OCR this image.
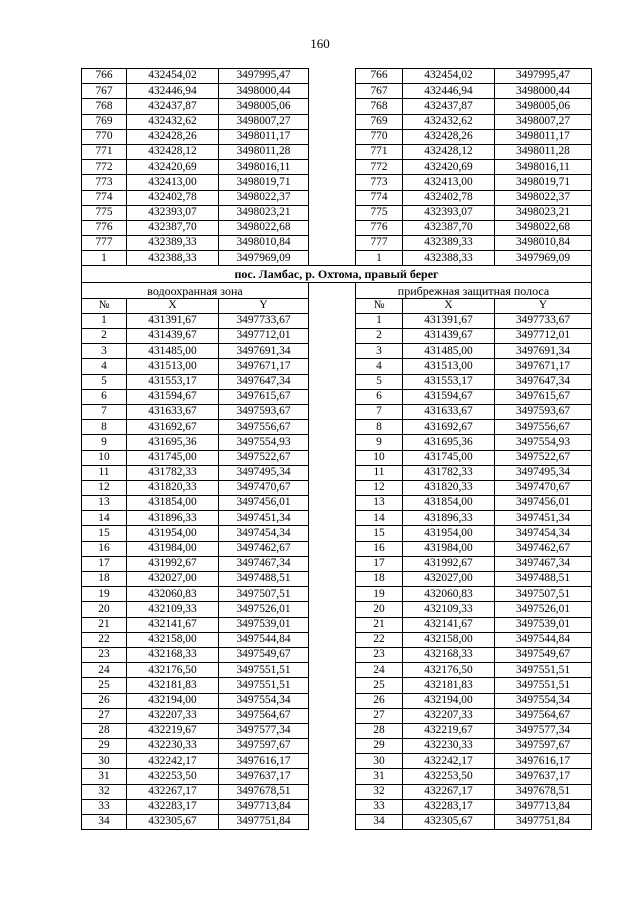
160
766	432454,02	3497995,47		766	432454,02	3497995,47
767	432446,94	3498000,44		767	432446,94	3498000,44
768	432437,87	3498005,06		768	432437,87	3498005,06
769	432432,62	3498007,27		769	432432,62	3498007,27
770	432428,26	3498011,17		770	432428,26	3498011,17
771	432428,12	3498011,28		771	432428,12	3498011,28
772	432420,69	3498016,11		772	432420,69	3498016,11
773	432413,00	3498019,71		773	432413,00	3498019,71
774	432402,78	3498022,37		774	432402,78	3498022,37
775	432393,07	3498023,21		775	432393,07	3498023,21
776	432387,70	3498022,68		776	432387,70	3498022,68
777	432389,33	3498010,84		777	432389,33	3498010,84
1	432388,33	3497969,09		1	432388,33	3497969,09
пос. Ламбас, р. Охтома, правый берег						
водоохранная зона				прибрежная защитная полоса		
№	X	Y		№	X	Y
1	431391,67	3497733,67		1	431391,67	3497733,67
2	431439,67	3497712,01		2	431439,67	3497712,01
3	431485,00	3497691,34		3	431485,00	3497691,34
4	431513,00	3497671,17		4	431513,00	3497671,17
5	431553,17	3497647,34		5	431553,17	3497647,34
6	431594,67	3497615,67		6	431594,67	3497615,67
7	431633,67	3497593,67		7	431633,67	3497593,67
8	431692,67	3497556,67		8	431692,67	3497556,67
9	431695,36	3497554,93		9	431695,36	3497554,93
10	431745,00	3497522,67		10	431745,00	3497522,67
11	431782,33	3497495,34		11	431782,33	3497495,34
12	431820,33	3497470,67		12	431820,33	3497470,67
13	431854,00	3497456,01		13	431854,00	3497456,01
14	431896,33	3497451,34		14	431896,33	3497451,34
15	431954,00	3497454,34		15	431954,00	3497454,34
16	431984,00	3497462,67		16	431984,00	3497462,67
17	431992,67	3497467,34		17	431992,67	3497467,34
18	432027,00	3497488,51		18	432027,00	3497488,51
19	432060,83	3497507,51		19	432060,83	3497507,51
20	432109,33	3497526,01		20	432109,33	3497526,01
21	432141,67	3497539,01		21	432141,67	3497539,01
22	432158,00	3497544,84		22	432158,00	3497544,84
23	432168,33	3497549,67		23	432168,33	3497549,67
24	432176,50	3497551,51		24	432176,50	3497551,51
25	432181,83	3497551,51		25	432181,83	3497551,51
26	432194,00	3497554,34		26	432194,00	3497554,34
27	432207,33	3497564,67		27	432207,33	3497564,67
28	432219,67	3497577,34		28	432219,67	3497577,34
29	432230,33	3497597,67		29	432230,33	3497597,67
30	432242,17	3497616,17		30	432242,17	3497616,17
31	432253,50	3497637,17		31	432253,50	3497637,17
32	432267,17	3497678,51		32	432267,17	3497678,51
33	432283,17	3497713,84		33	432283,17	3497713,84
34	432305,67	3497751,84		34	432305,67	3497751,84
